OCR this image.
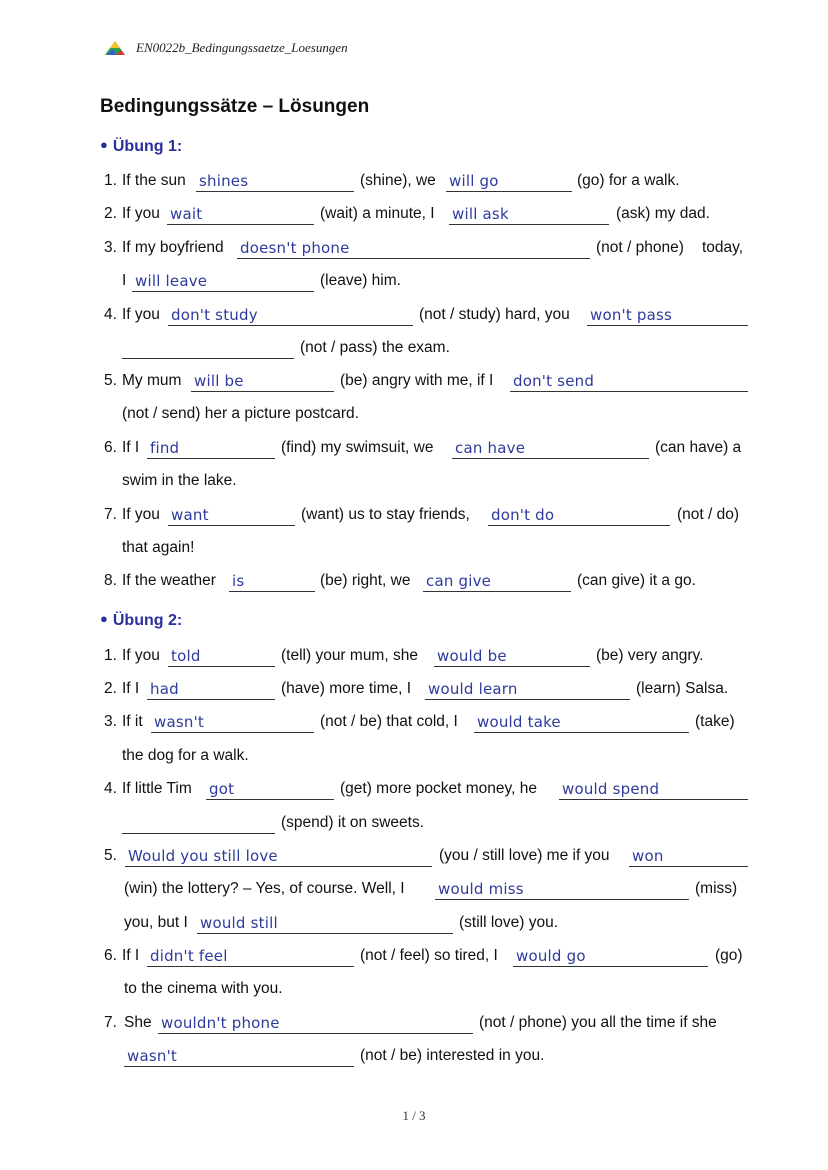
EN0022b_Bedingungssaetze_Loesungen
Bedingungssätze – Lösungen
● Übung 1:
1. If the sun shines	(shine), we will go	(go) for a walk.
2. If you wait	(wait) a minute, I will ask	(ask) my dad.
3. If my boyfriend doesn't phone	(not / phone) today,
I will leave	(leave) him.
4. If you don't study	(not / study) hard, you won't pass
(not / pass) the exam.
5. My mum will be	(be) angry with me, if I don't send
(not / send) her a picture postcard.
6. If I find	(find) my swimsuit, we can have	(can have) a
swim in the lake.
7. If you want	(want) us to stay friends, don't do	(not / do)
that again!
8. If the weather is	(be) right, we can give	(can give) it a go.
● Übung 2:
1. If you told	(tell) your mum, she would be	(be) very angry.
2. If I had	(have) more time, I would learn	(learn) Salsa.
3. If it wasn't	(not / be) that cold, I would take	(take)
the dog for a walk.
4. If little Tim got	(get) more pocket money, he would spend
(spend) it on sweets.
5. Would you still love	(you / still love) me if you won
(win) the lottery? – Yes, of course. Well, I would miss	(miss)
you, but I would still	(still love) you.
6. If I didn't feel	(not / feel) so tired, I would go	(go)
to the cinema with you.
7. She wouldn't phone	(not / phone) you all the time if she
wasn't	(not / be) interested in you.
1 / 3
